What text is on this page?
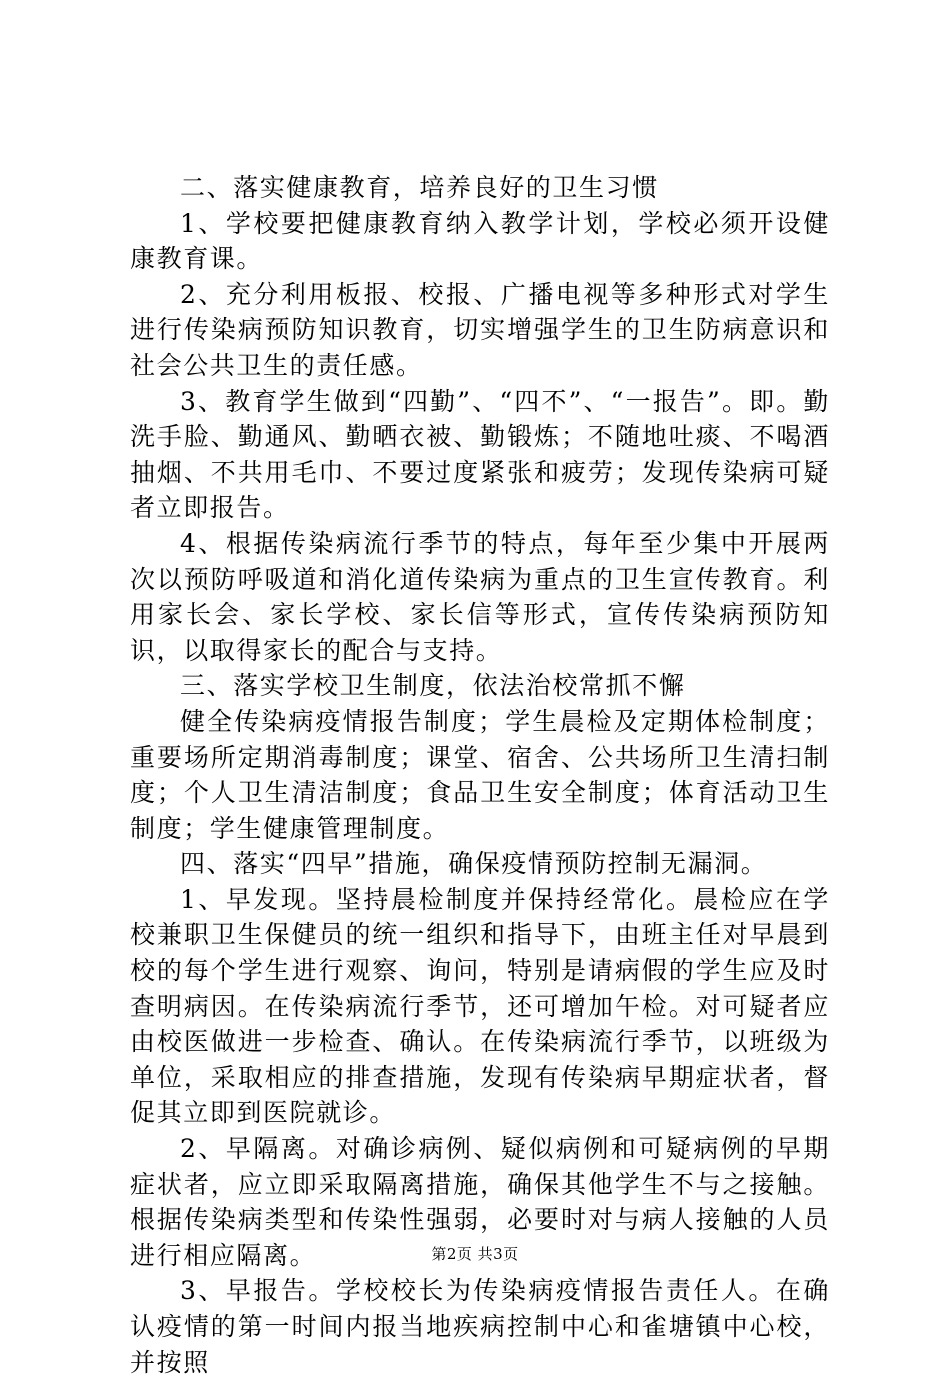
二、落实健康教育，培养良好的卫生习惯

1、学校要把健康教育纳入教学计划，学校必须开设健康教育课。

2、充分利用板报、校报、广播电视等多种形式对学生进行传染病预防知识教育，切实增强学生的卫生防病意识和社会公共卫生的责任感。

3、教育学生做到“四勤”、“四不”、“一报告”。即。勤洗手脸、勤通风、勤晒衣被、勤锻炼；不随地吐痰、不喝酒抽烟、不共用毛巾、不要过度紧张和疲劳；发现传染病可疑者立即报告。

4、根据传染病流行季节的特点，每年至少集中开展两次以预防呼吸道和消化道传染病为重点的卫生宣传教育。利用家长会、家长学校、家长信等形式，宣传传染病预防知识，以取得家长的配合与支持。

三、落实学校卫生制度，依法治校常抓不懈

健全传染病疫情报告制度；学生晨检及定期体检制度；重要场所定期消毒制度；课堂、宿舍、公共场所卫生清扫制度；个人卫生清洁制度；食品卫生安全制度；体育活动卫生制度；学生健康管理制度。

四、落实“四早”措施，确保疫情预防控制无漏洞。

1、早发现。坚持晨检制度并保持经常化。晨检应在学校兼职卫生保健员的统一组织和指导下，由班主任对早晨到校的每个学生进行观察、询问，特别是请病假的学生应及时查明病因。在传染病流行季节，还可增加午检。对可疑者应由校医做进一步检查、确认。在传染病流行季节，以班级为单位，采取相应的排查措施，发现有传染病早期症状者，督促其立即到医院就诊。

2、早隔离。对确诊病例、疑似病例和可疑病例的早期症状者，应立即采取隔离措施，确保其他学生不与之接触。根据传染病类型和传染性强弱，必要时对与病人接触的人员进行相应隔离。

3、早报告。学校校长为传染病疫情报告责任人。在确认疫情的第一时间内报当地疾病控制中心和雀塘镇中心校，并按照

第2页 共3页
